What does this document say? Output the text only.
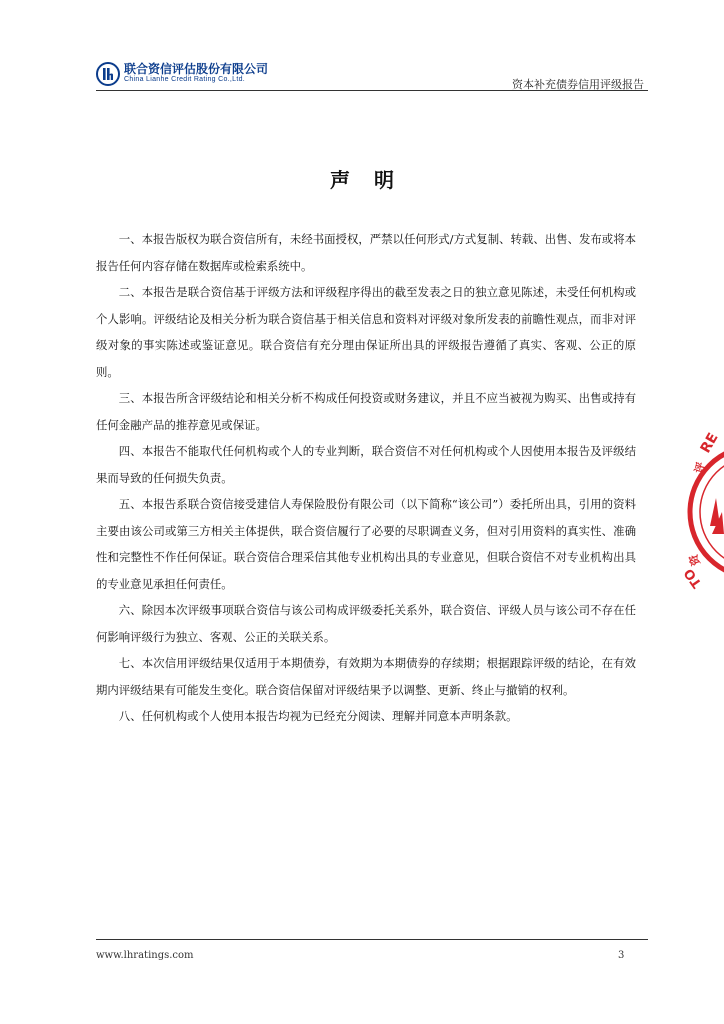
联合资信评估股份有限公司
China Lianhe Credit Rating Co.,Ltd.	资本补充债券信用评级报告
声明

一、本报告版权为联合资信所有，未经书面授权，严禁以任何形式/方式复制、转载、出售、发布或将本报告任何内容存储在数据库或检索系统中。

二、本报告是联合资信基于评级方法和评级程序得出的截至发表之日的独立意见陈述，未受任何机构或个人影响。评级结论及相关分析为联合资信基于相关信息和资料对评级对象所发表的前瞻性观点，而非对评级对象的事实陈述或鉴证意见。联合资信有充分理由保证所出具的评级报告遵循了真实、客观、公正的原则。

三、本报告所含评级结论和相关分析不构成任何投资或财务建议，并且不应当被视为购买、出售或持有任何金融产品的推荐意见或保证。

四、本报告不能取代任何机构或个人的专业判断，联合资信不对任何机构或个人因使用本报告及评级结果而导致的任何损失负责。

五、本报告系联合资信接受建信人寿保险股份有限公司（以下简称“该公司”）委托所出具，引用的资料主要由该公司或第三方相关主体提供，联合资信履行了必要的尽职调查义务，但对引用资料的真实性、准确性和完整性不作任何保证。联合资信合理采信其他专业机构出具的专业意见，但联合资信不对专业机构出具的专业意见承担任何责任。

六、除因本次评级事项联合资信与该公司构成评级委托关系外，联合资信、评级人员与该公司不存在任何影响评级行为独立、客观、公正的关联关系。

七、本次信用评级结果仅适用于本期债券，有效期为本期债券的存续期；根据跟踪评级的结论，在有效期内评级结果有可能发生变化。联合资信保留对评级结果予以调整、更新、终止与撤销的权利。

八、任何机构或个人使用本报告均视为已经充分阅读、理解并同意本声明条款。

RE
评
资
TO
www.lhratings.com	3
